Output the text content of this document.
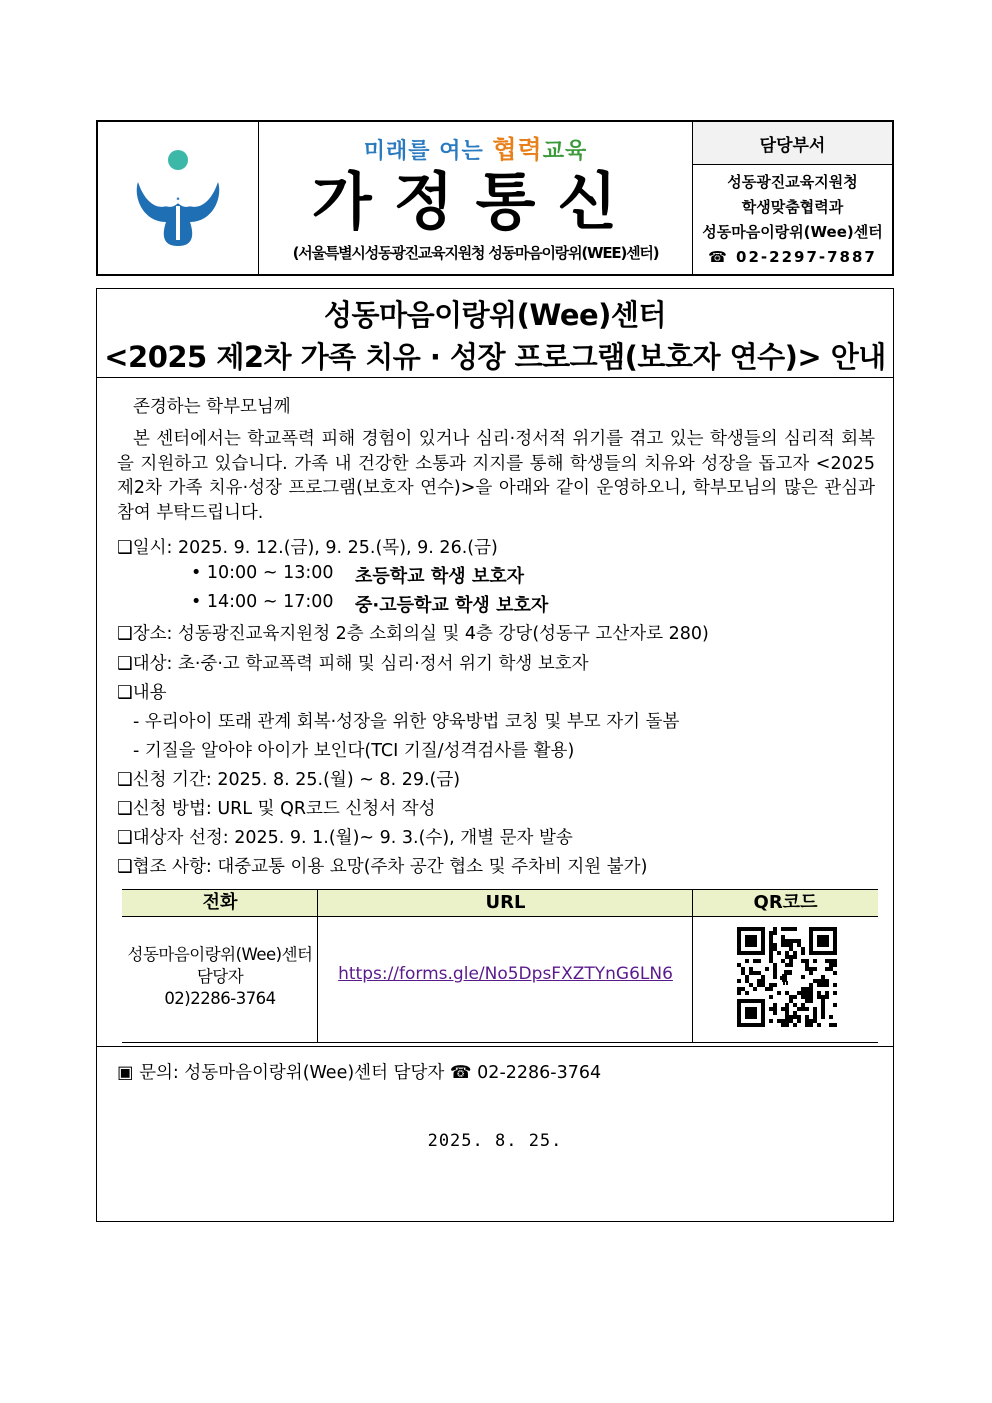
미래를 여는 협력교육
가정통신
(서울특별시성동광진교육지원청 성동마음이랑위(WEE)센터)
담당부서
성동광진교육지원청
학생맞춤협력과
성동마음이랑위(Wee)센터
☎ 02-2297-7887
성동마음이랑위(Wee)센터
<2025 제2차 가족 치유 · 성장 프로그램(보호자 연수)> 안내
존경하는 학부모님께
본 센터에서는 학교폭력 피해 경험이 있거나 심리·정서적 위기를 겪고 있는 학생들의 심리적 회복을 지원하고 있습니다. 가족 내 건강한 소통과 지지를 통해 학생들의 치유와 성장을 돕고자 <2025 제2차 가족 치유·성장 프로그램(보호자 연수)>을 아래와 같이 운영하오니, 학부모님의 많은 관심과 참여 부탁드립니다.
❑일시: 2025. 9. 12.(금), 9. 25.(목), 9. 26.(금)
• 10:00 ~ 13:00 초등학교 학생 보호자
• 14:00 ~ 17:00 중·고등학교 학생 보호자
❑장소: 성동광진교육지원청 2층 소회의실 및 4층 강당(성동구 고산자로 280)
❑대상: 초·중·고 학교폭력 피해 및 심리·정서 위기 학생 보호자
❑내용
- 우리아이 또래 관계 회복·성장을 위한 양육방법 코칭 및 부모 자기 돌봄
- 기질을 알아야 아이가 보인다(TCI 기질/성격검사를 활용)
❑신청 기간: 2025. 8. 25.(월) ~ 8. 29.(금)
❑신청 방법: URL 및 QR코드 신청서 작성
❑대상자 선정: 2025. 9. 1.(월)~ 9. 3.(수), 개별 문자 발송
❑협조 사항: 대중교통 이용 요망(주차 공간 협소 및 주차비 지원 불가)
전화	URL	QR코드
성동마음이랑위(Wee)센터
담당자
02)2286-3764
https://forms.gle/No5DpsFXZTYnG6LN6
▣ 문의: 성동마음이랑위(Wee)센터 담당자 ☎ 02-2286-3764
2025. 8. 25.
